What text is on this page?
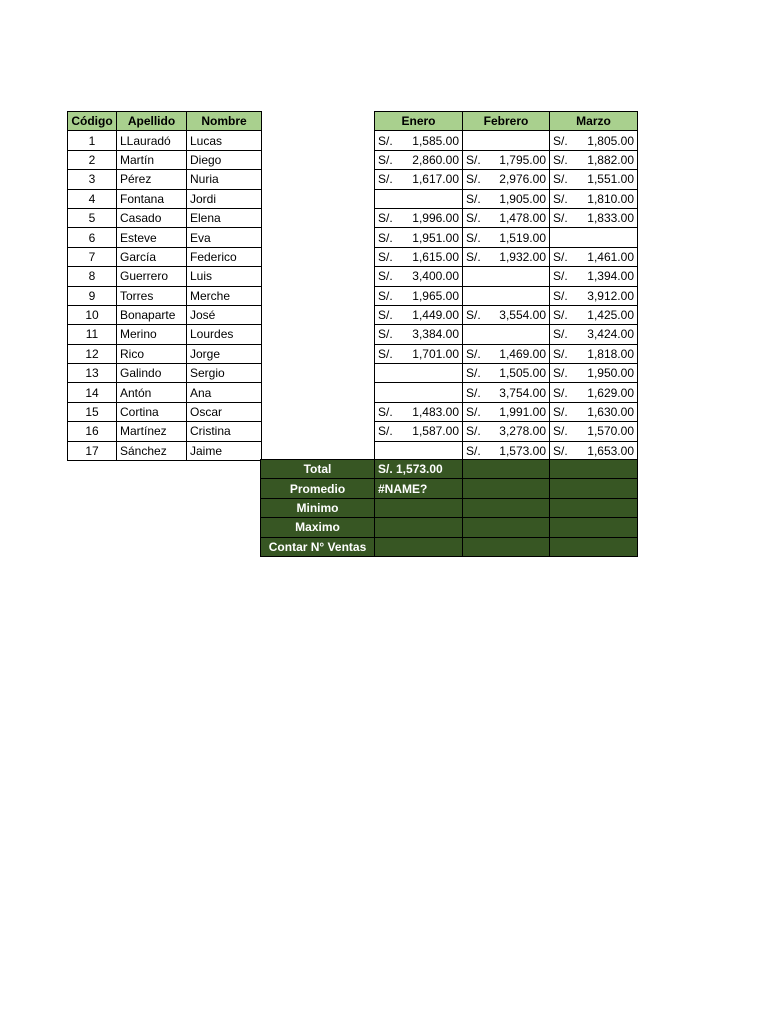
Código	Apellido	Nombre
1	LLauradó	Lucas
2	Martín	Diego
3	Pérez	Nuria
4	Fontana	Jordi
5	Casado	Elena
6	Esteve	Eva
7	García	Federico
8	Guerrero	Luis
9	Torres	Merche
10	Bonaparte	José
11	Merino	Lourdes
12	Rico	Jorge
13	Galindo	Sergio
14	Antón	Ana
15	Cortina	Oscar
16	Martínez	Cristina
17	Sánchez	Jaime
Enero	Febrero	Marzo

S/. 1,585.00		S/. 1,805.00

S/. 2,860.00	S/. 1,795.00	S/. 1,882.00

S/. 1,617.00	S/. 2,976.00	S/. 1,551.00

	S/. 1,905.00	S/. 1,810.00

S/. 1,996.00	S/. 1,478.00	S/. 1,833.00

S/. 1,951.00	S/. 1,519.00	

S/. 1,615.00	S/. 1,932.00	S/. 1,461.00

S/. 3,400.00		S/. 1,394.00

S/. 1,965.00		S/. 3,912.00

S/. 1,449.00	S/. 3,554.00	S/. 1,425.00

S/. 3,384.00		S/. 3,424.00

S/. 1,701.00	S/. 1,469.00	S/. 1,818.00

	S/. 1,505.00	S/. 1,950.00

	S/. 3,754.00	S/. 1,629.00

S/. 1,483.00	S/. 1,991.00	S/. 1,630.00

S/. 1,587.00	S/. 3,278.00	S/. 1,570.00

	S/. 1,573.00	S/. 1,653.00
Total	S/. 1,573.00		
Promedio	#NAME?		
Minimo			
Maximo			
Contar N° Ventas			
